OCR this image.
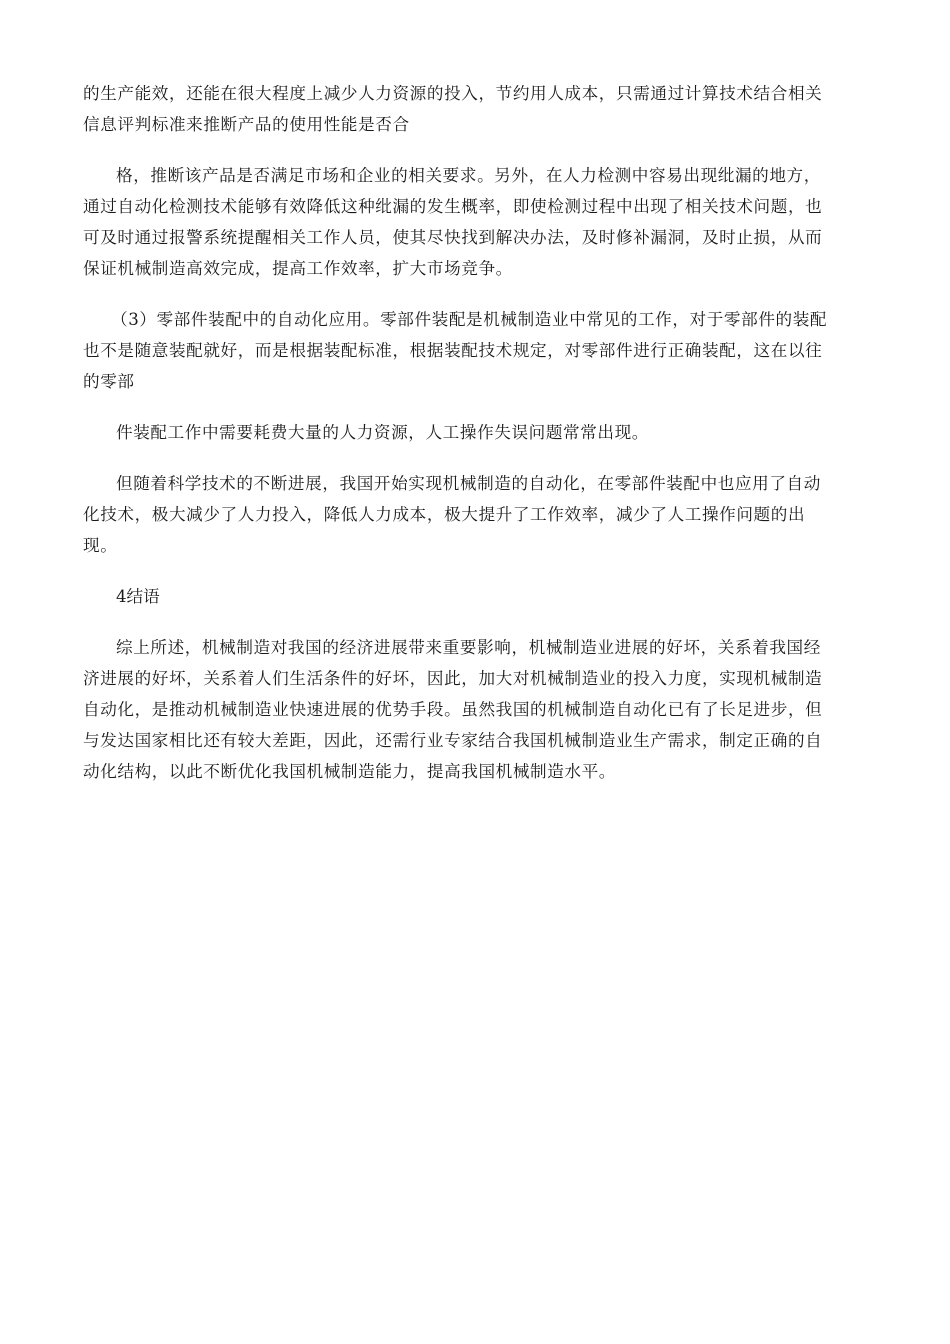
的生产能效，还能在很大程度上减少人力资源的投入，节约用人成本，只需通过计算技术结合相关
信息评判标准来推断产品的使用性能是否合
格，推断该产品是否满足市场和企业的相关要求。另外，在人力检测中容易出现纰漏的地方，
通过自动化检测技术能够有效降低这种纰漏的发生概率，即使检测过程中出现了相关技术问题，也
可及时通过报警系统提醒相关工作人员，使其尽快找到解决办法，及时修补漏洞，及时止损，从而
保证机械制造高效完成，提高工作效率，扩大市场竞争。
（3）零部件装配中的自动化应用。零部件装配是机械制造业中常见的工作，对于零部件的装配
也不是随意装配就好，而是根据装配标准，根据装配技术规定，对零部件进行正确装配，这在以往
的零部
件装配工作中需要耗费大量的人力资源，人工操作失误问题常常出现。
但随着科学技术的不断进展，我国开始实现机械制造的自动化，在零部件装配中也应用了自动
化技术，极大减少了人力投入，降低人力成本，极大提升了工作效率，减少了人工操作问题的出
现。
4结语
综上所述，机械制造对我国的经济进展带来重要影响，机械制造业进展的好坏，关系着我国经
济进展的好坏，关系着人们生活条件的好坏，因此，加大对机械制造业的投入力度，实现机械制造
自动化，是推动机械制造业快速进展的优势手段。虽然我国的机械制造自动化已有了长足进步，但
与发达国家相比还有较大差距，因此，还需行业专家结合我国机械制造业生产需求，制定正确的自
动化结构，以此不断优化我国机械制造能力，提高我国机械制造水平。
